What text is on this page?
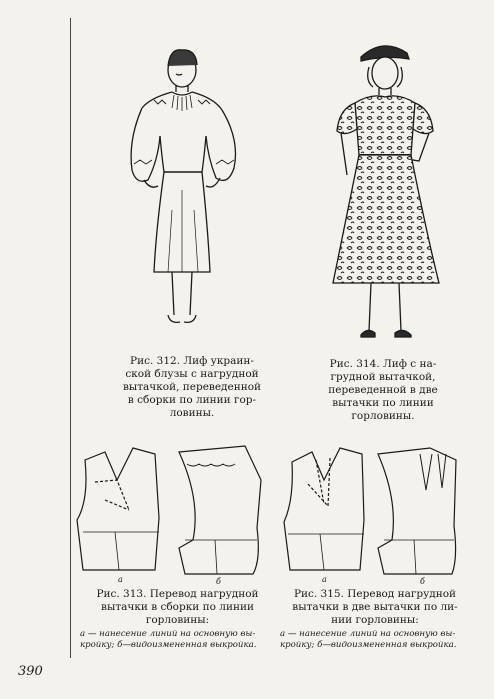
Рис. 312. Лиф украин-
ской блузы с нагрудной
вытачкой, переведенной
в сборки по линии гор-
ловины.
Рис. 314. Лиф с на-
грудной вытачкой,
переведенной в две
вытачки по линии
горловины.
а	б	а	б
Рис. 313. Перевод нагрудной
вытачки в сборки по линии
горловины:
а — нанесение линий на основную вы-
кройку; б—видоизмененная выкройка.
Рис. 315. Перевод нагрудной
вытачки в две вытачки по ли-
нии горловины:
а — нанесение линий на основную вы-
кройку; б—видоизмененная выкройка.
390
